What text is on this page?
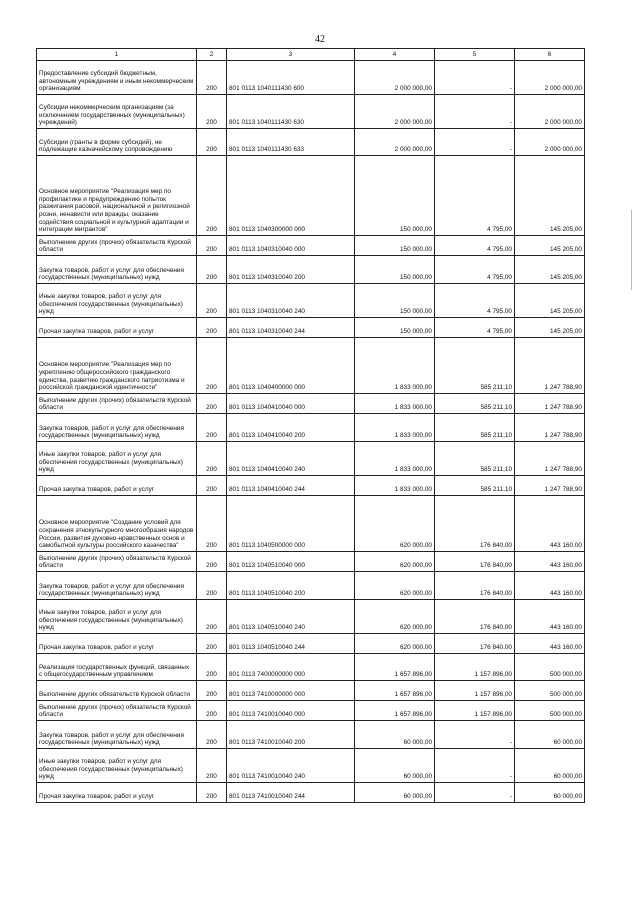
42
1	2	3	4	5	6
Предоставление субсидий бюджетным, автономным учреждениям и иным некоммерческим организациям	200	801 0113 1040111430 600	2 000 000,00	-	2 000 000,00
Субсидии некоммерческим организациям (за исключением государственных (муниципальных) учреждений)	200	801 0113 1040111430 630	2 000 000,00	-	2 000 000,00
Субсидии (гранты в форме субсидий), не подлежащие казначейскому сопровождению	200	801 0113 1040111430 633	2 000 000,00	-	2 000 000,00
Основное мероприятие "Реализация мер по профилактике и предупреждению попыток разжигания расовой, национальной и религиозной розни, ненависти или вражды, оказание содействия социальной и культурной адаптации и интеграции мигрантов"	200	801 0113 1040300000 000	150 000,00	4 795,00	145 205,00
Выполнение других (прочих) обязательств Курской области	200	801 0113 1040310040 000	150 000,00	4 795,00	145 205,00
Закупка товаров, работ и услуг для обеспечения государственных (муниципальных) нужд	200	801 0113 1040310040 200	150 000,00	4 795,00	145 205,00
Иные закупки товаров, работ и услуг для обеспечения государственных (муниципальных) нужд	200	801 0113 1040310040 240	150 000,00	4 795,00	145 205,00
Прочая закупка товаров, работ и услуг	200	801 0113 1040310040 244	150 000,00	4 795,00	145 205,00
Основное мероприятие "Реализация мер по укреплению общероссийского гражданского единства, развитию гражданского патриотизма и российской гражданской идентичности"	200	801 0113 1040400000 000	1 833 000,00	585 211,10	1 247 788,90
Выполнение других (прочих) обязательств Курской области	200	801 0113 1040410040 000	1 833 000,00	585 211,10	1 247 788,90
Закупка товаров, работ и услуг для обеспечения государственных (муниципальных) нужд	200	801 0113 1040410040 200	1 833 000,00	585 211,10	1 247 788,90
Иные закупки товаров, работ и услуг для обеспечения государственных (муниципальных) нужд	200	801 0113 1040410040 240	1 833 000,00	585 211,10	1 247 788,90
Прочая закупка товаров, работ и услуг	200	801 0113 1040410040 244	1 833 000,00	585 211,10	1 247 788,90
Основное мероприятие "Создание условий для сохранения этнокультурного многообразия народов России, развития духовно-нравственных основ и самобытной культуры российского казачества"	200	801 0113 1040500000 000	620 000,00	176 840,00	443 160,00
Выполнение других (прочих) обязательств Курской области	200	801 0113 1040510040 000	620 000,00	176 840,00	443 160,00
Закупка товаров, работ и услуг для обеспечения государственных (муниципальных) нужд	200	801 0113 1040510040 200	620 000,00	176 840,00	443 160,00
Иные закупки товаров, работ и услуг для обеспечения государственных (муниципальных) нужд	200	801 0113 1040510040 240	620 000,00	176 840,00	443 160,00
Прочая закупка товаров, работ и услуг	200	801 0113 1040510040 244	620 000,00	176 840,00	443 160,00
Реализация государственных функций, связанных с общегосударственным управлением	200	801 0113 7400000000 000	1 657 896,00	1 157 896,00	500 000,00
Выполнение других обязательств Курской области	200	801 0113 7410000000 000	1 657 896,00	1 157 896,00	500 000,00
Выполнение других (прочих) обязательств Курской области	200	801 0113 7410010040 000	1 657 896,00	1 157 896,00	500 000,00
Закупка товаров, работ и услуг для обеспечения государственных (муниципальных) нужд	200	801 0113 7410010040 200	60 000,00	-	60 000,00
Иные закупки товаров, работ и услуг для обеспечения государственных (муниципальных) нужд	200	801 0113 7410010040 240	60 000,00	-	60 000,00
Прочая закупка товаров, работ и услуг	200	801 0113 7410010040 244	60 000,00	-	60 000,00
